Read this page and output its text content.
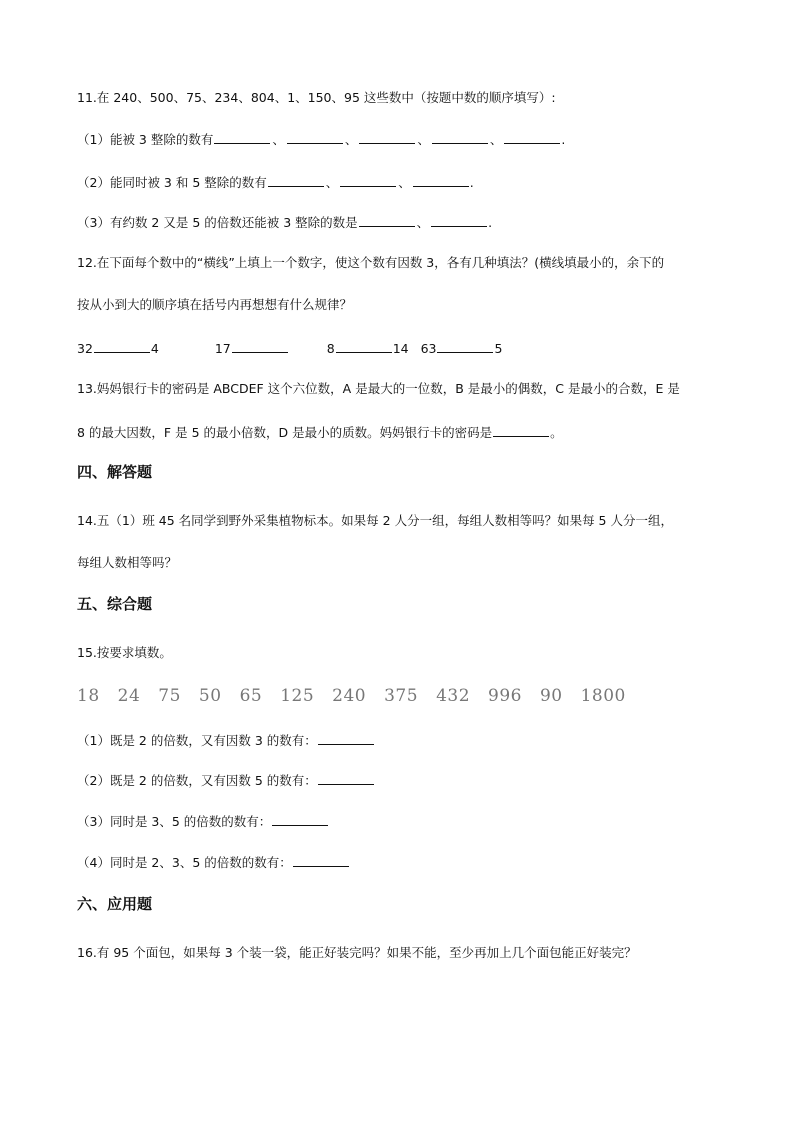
11.在 240、500、75、234、804、1、150、95 这些数中（按题中数的顺序填写）:
（1）能被 3 整除的数有	、	、	、	、	.
（2）能同时被 3 和 5 整除的数有	、	、	.
（3）有约数 2 又是 5 的倍数还能被 3 整除的数是	、	.
12.在下面每个数中的“横线”上填上一个数字，使这个数有因数 3，各有几种填法？(横线填最小的，余下的
按从小到大的顺序填在括号内再想想有什么规律？
32	4	17	8	14 63	5
13.妈妈银行卡的密码是 ABCDEF 这个六位数，A 是最大的一位数，B 是最小的偶数，C 是最小的合数，E 是
8 的最大因数，F 是 5 的最小倍数，D 是最小的质数。妈妈银行卡的密码是	。
四、解答题
14.五（1）班 45 名同学到野外采集植物标本。如果每 2 人分一组，每组人数相等吗？如果每 5 人分一组，
每组人数相等吗？
五、综合题
15.按要求填数。
18 24 75 50 65 125 240 375 432 996 90 1800
（1）既是 2 的倍数，又有因数 3 的数有：
（2）既是 2 的倍数，又有因数 5 的数有：
（3）同时是 3、5 的倍数的数有：
（4）同时是 2、3、5 的倍数的数有：
六、应用题
16.有 95 个面包，如果每 3 个装一袋，能正好装完吗？如果不能，至少再加上几个面包能正好装完？
